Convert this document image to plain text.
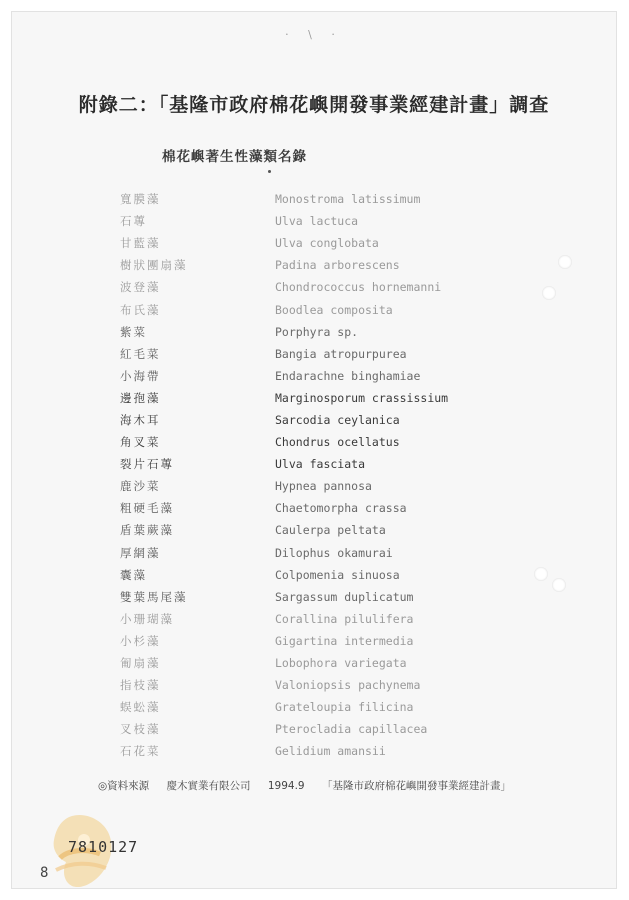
· \ ·
附錄二：「基隆市政府棉花嶼開發事業經建計畫」調查
棉花嶼著生性藻類名錄
寬膜藻	Monostroma latissimum
石蓴	Ulva lactuca
甘藍藻	Ulva conglobata
樹狀團扇藻	Padina arborescens
波登藻	Chondrococcus hornemanni
布氏藻	Boodlea composita
紫菜	Porphyra sp.
紅毛菜	Bangia atropurpurea
小海帶	Endarachne binghamiae
邊孢藻	Marginosporum crassissium
海木耳	Sarcodia ceylanica
角叉菜	Chondrus ocellatus
裂片石蓴	Ulva fasciata
鹿沙菜	Hypnea pannosa
粗硬毛藻	Chaetomorpha crassa
盾葉蕨藻	Caulerpa peltata
厚網藻	Dilophus okamurai
囊藻	Colpomenia sinuosa
雙葉馬尾藻	Sargassum duplicatum
小珊瑚藻	Corallina pilulifera
小杉藻	Gigartina intermedia
匍扇藻	Lobophora variegata
指枝藻	Valoniopsis pachynema
蜈蚣藻	Grateloupia filicina
叉枝藻	Pterocladia capillacea
石花菜	Gelidium amansii
◎資料來源 慶木實業有限公司 1994.9 「基隆市政府棉花嶼開發事業經建計畫」
7810127
8
